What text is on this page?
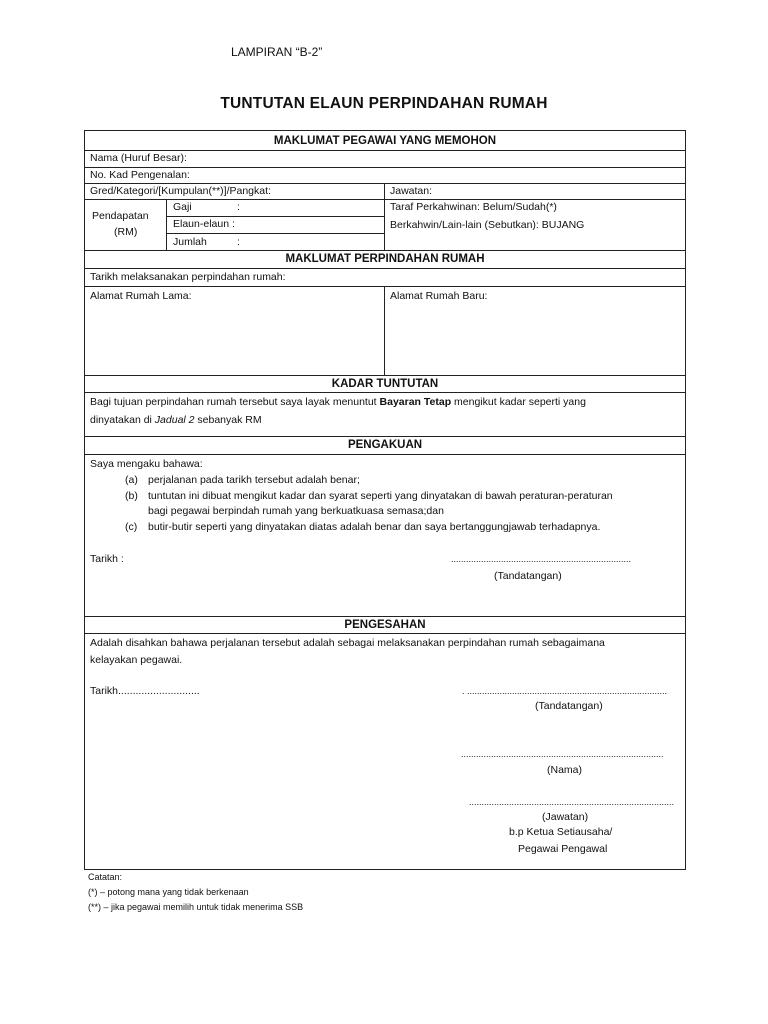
LAMPIRAN “B-2”
TUNTUTAN ELAUN PERPINDAHAN RUMAH
MAKLUMAT PEGAWAI YANG MEMOHON
Nama (Huruf Besar):
No. Kad Pengenalan:
Gred/Kategori/[Kumpulan(**)]/Pangkat:	Jawatan:
Pendapatan
(RM)
Gaji	:
Elaun-elaun :
Jumlah	:
Taraf Perkahwinan: Belum/Sudah(*)
Berkahwin/Lain-lain (Sebutkan): BUJANG
MAKLUMAT PERPINDAHAN RUMAH
Tarikh melaksanakan perpindahan rumah:
Alamat Rumah Lama:	Alamat Rumah Baru:
KADAR TUNTUTAN
Bagi tujuan perpindahan rumah tersebut saya layak menuntut Bayaran Tetap mengikut kadar seperti yang
dinyatakan di Jadual 2 sebanyak RM
PENGAKUAN
Saya mengaku bahawa:
(a) perjalanan pada tarikh tersebut adalah benar;
(b) tuntutan ini dibuat mengikut kadar dan syarat seperti yang dinyatakan di bawah peraturan-peraturan
bagi pegawai berpindah rumah yang berkuatkuasa semasa;dan
(c) butir-butir seperti yang dinyatakan diatas adalah benar dan saya bertanggungjawab terhadapnya.
Tarikh :	........................................................................
(Tandatangan)
PENGESAHAN
Adalah disahkan bahawa perjalanan tersebut adalah sebagai melaksanakan perpindahan rumah sebagaimana
kelayakan pegawai.
Tarikh............................	. ................................................................................
(Tandatangan)
.................................................................................
(Nama)
..................................................................................
(Jawatan)
b.p Ketua Setiausaha/
Pegawai Pengawal
Catatan:
(*) – potong mana yang tidak berkenaan
(**) – jika pegawai memilih untuk tidak menerima SSB
